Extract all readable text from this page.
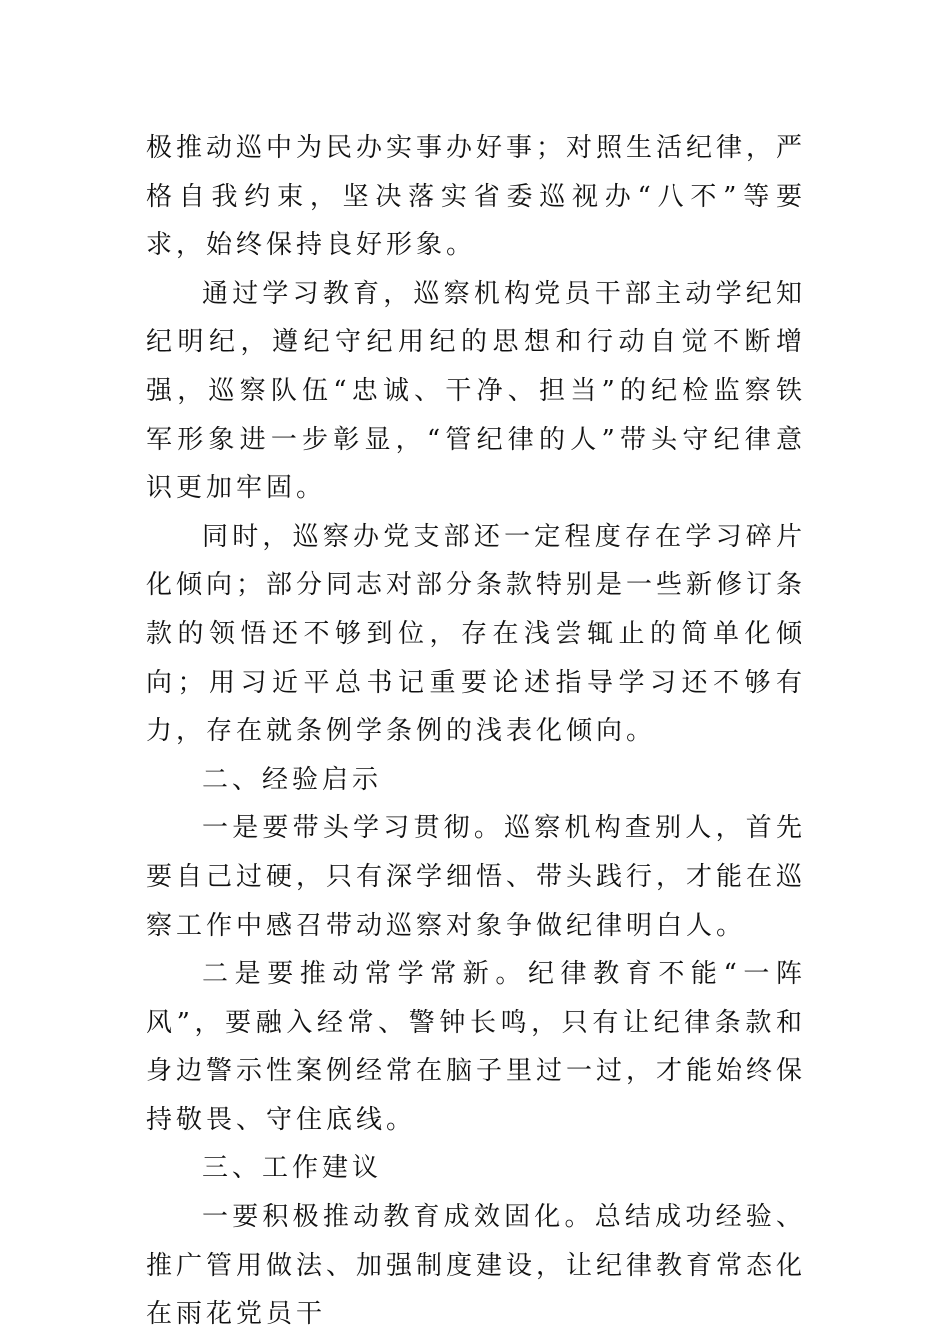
极推动巡中为民办实事办好事；对照生活纪律，严格自我约束，坚决落实省委巡视办“八不”等要求，始终保持良好形象。

通过学习教育，巡察机构党员干部主动学纪知纪明纪，遵纪守纪用纪的思想和行动自觉不断增强，巡察队伍“忠诚、干净、担当”的纪检监察铁军形象进一步彰显，“管纪律的人”带头守纪律意识更加牢固。

同时，巡察办党支部还一定程度存在学习碎片化倾向；部分同志对部分条款特别是一些新修订条款的领悟还不够到位，存在浅尝辄止的简单化倾向；用习近平总书记重要论述指导学习还不够有力，存在就条例学条例的浅表化倾向。

二、经验启示

一是要带头学习贯彻。巡察机构查别人，首先要自己过硬，只有深学细悟、带头践行，才能在巡察工作中感召带动巡察对象争做纪律明白人。

二是要推动常学常新。纪律教育不能“一阵风”，要融入经常、警钟长鸣，只有让纪律条款和身边警示性案例经常在脑子里过一过，才能始终保持敬畏、守住底线。

三、工作建议

一要积极推动教育成效固化。总结成功经验、推广管用做法、加强制度建设，让纪律教育常态化在雨花党员干
